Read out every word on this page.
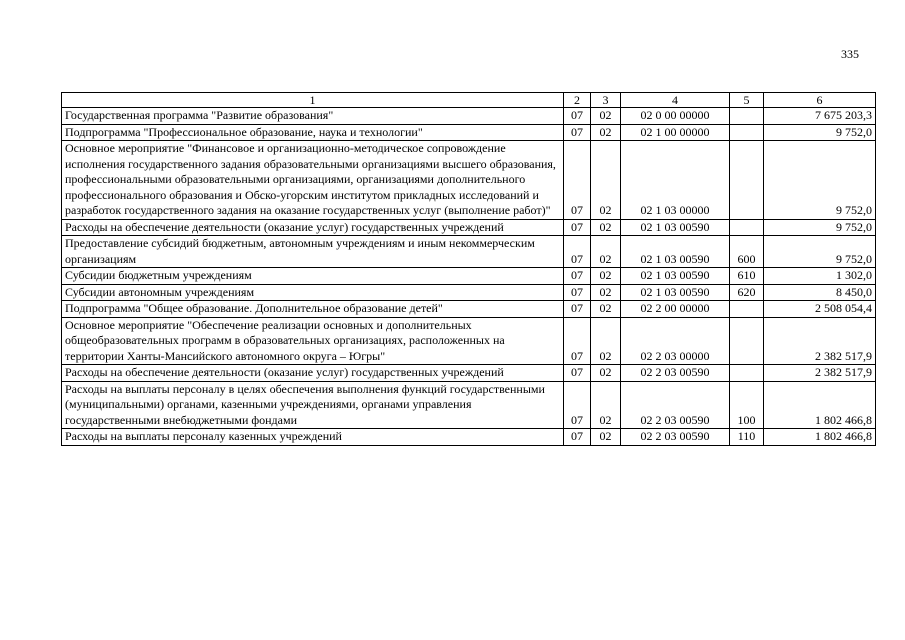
335
1	2	3	4	5	6
Государственная программа "Развитие образования"	07	02	02 0 00 00000		7 675 203,3
Подпрограмма "Профессиональное образование, наука и технологии"	07	02	02 1 00 00000		9 752,0
Основное мероприятие "Финансовое и организационно-методическое сопровождение исполнения государственного задания образовательными организациями высшего образования, профессиональными образовательными организациями, организациями дополнительного профессионального образования и Обско-угорским институтом прикладных исследований и разработок государственного задания на оказание государственных услуг (выполнение работ)"	07	02	02 1 03 00000		9 752,0
Расходы на обеспечение деятельности (оказание услуг) государственных учреждений	07	02	02 1 03 00590		9 752,0
Предоставление субсидий бюджетным, автономным учреждениям и иным некоммерческим организациям	07	02	02 1 03 00590	600	9 752,0
Субсидии бюджетным учреждениям	07	02	02 1 03 00590	610	1 302,0
Субсидии автономным учреждениям	07	02	02 1 03 00590	620	8 450,0
Подпрограмма "Общее образование. Дополнительное образование детей"	07	02	02 2 00 00000		2 508 054,4
Основное мероприятие "Обеспечение реализации основных и дополнительных общеобразовательных программ в образовательных организациях, расположенных на территории Ханты-Мансийского автономного округа – Югры"	07	02	02 2 03 00000		2 382 517,9
Расходы на обеспечение деятельности (оказание услуг) государственных учреждений	07	02	02 2 03 00590		2 382 517,9
Расходы на выплаты персоналу в целях обеспечения выполнения функций государственными (муниципальными) органами, казенными учреждениями, органами управления государственными внебюджетными фондами	07	02	02 2 03 00590	100	1 802 466,8
Расходы на выплаты персоналу казенных учреждений	07	02	02 2 03 00590	110	1 802 466,8
